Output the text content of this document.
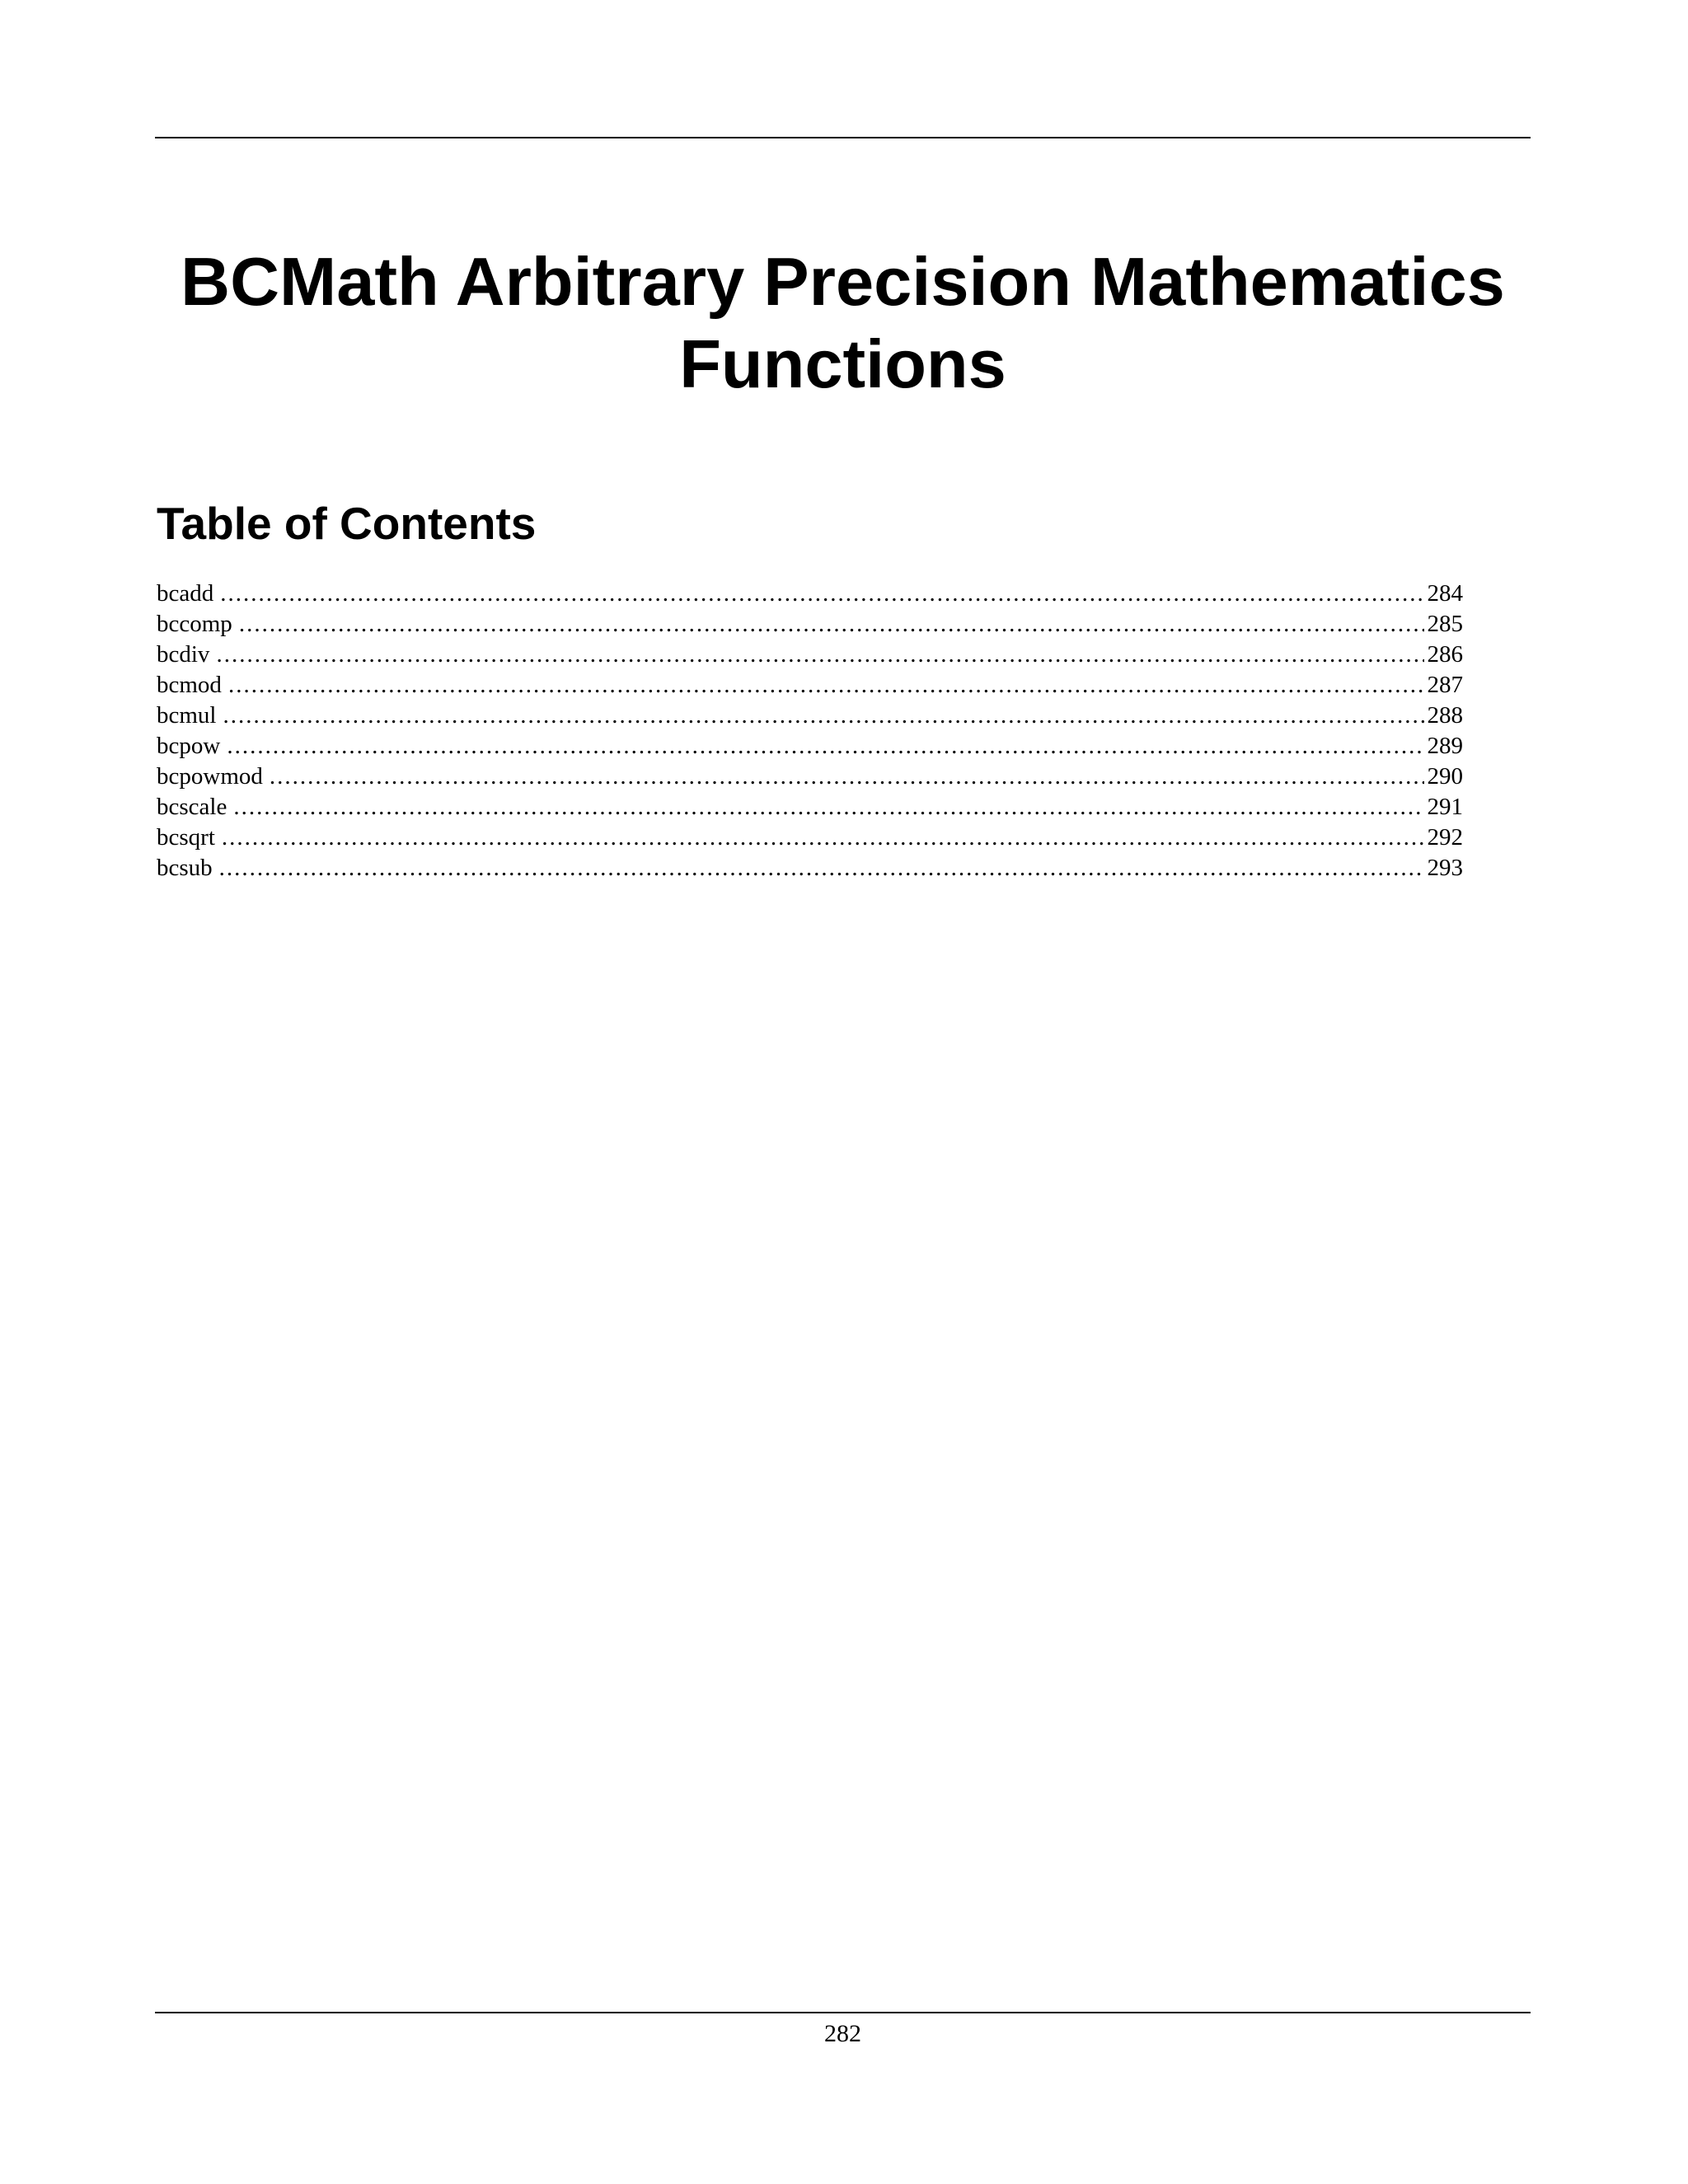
BCMath Arbitrary Precision Mathematics Functions
Table of Contents
bcadd .....	284
bccomp .....	285
bcdiv .....	286
bcmod .....	287
bcmul .....	288
bcpow .....	289
bcpowmod .....	290
bcscale .....	291
bcsqrt .....	292
bcsub .....	293
282
